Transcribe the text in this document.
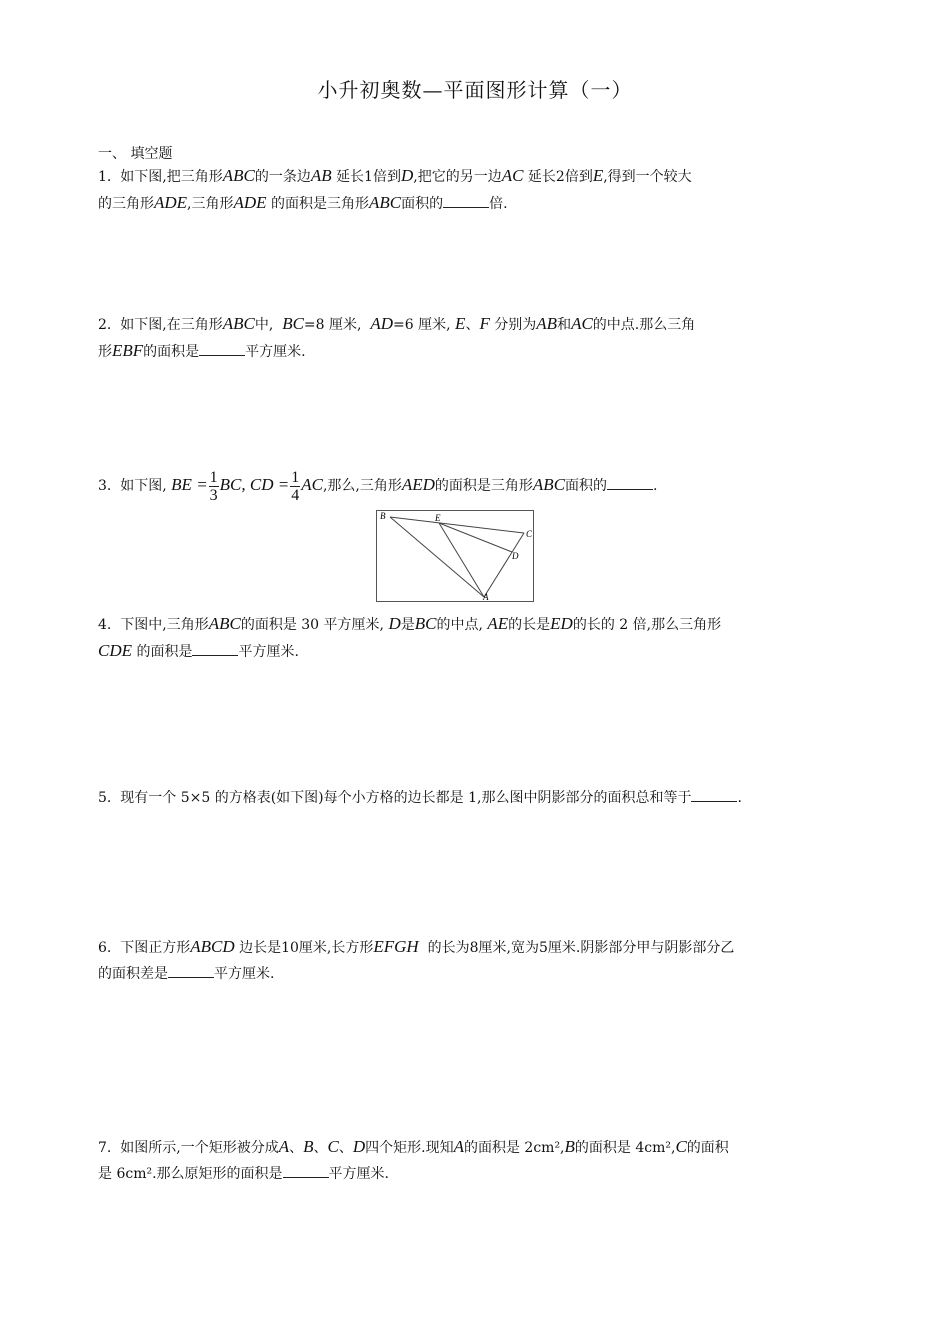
小升初奥数—平面图形计算（一）
一、 填空题
1. 如下图,把三角形ABC的一条边AB 延长1倍到D,把它的另一边AC 延长2倍到E,得到一个较大
的三角形ADE,三角形ADE 的面积是三角形ABC面积的	倍.
2. 如下图,在三角形ABC中, BC=8 厘米, AD=6 厘米, E、F 分别为AB和AC的中点.那么三角
形EBF的面积是	平方厘米.
3. 如下图, BE = $\frac{1}{3}$ BC, CD = $\frac{1}{4}$ AC,那么,三角形AED的面积是三角形ABC面积的	.
B	E
C
D
A
4. 下图中,三角形ABC的面积是 30 平方厘米, D是BC的中点, AE的长是ED的长的 2 倍,那么三角形
CDE 的面积是	平方厘米.
5. 现有一个 5×5 的方格表(如下图)每个小方格的边长都是 1,那么图中阴影部分的面积总和等于	.
6. 下图正方形ABCD 边长是10厘米,长方形EFGH 的长为8厘米,宽为5厘米.阴影部分甲与阴影部分乙
的面积差是	平方厘米.
7. 如图所示,一个矩形被分成A、B、C、D四个矩形.现知A的面积是 2cm²,B的面积是 4cm²,C的面积
是 6cm².那么原矩形的面积是	平方厘米.
